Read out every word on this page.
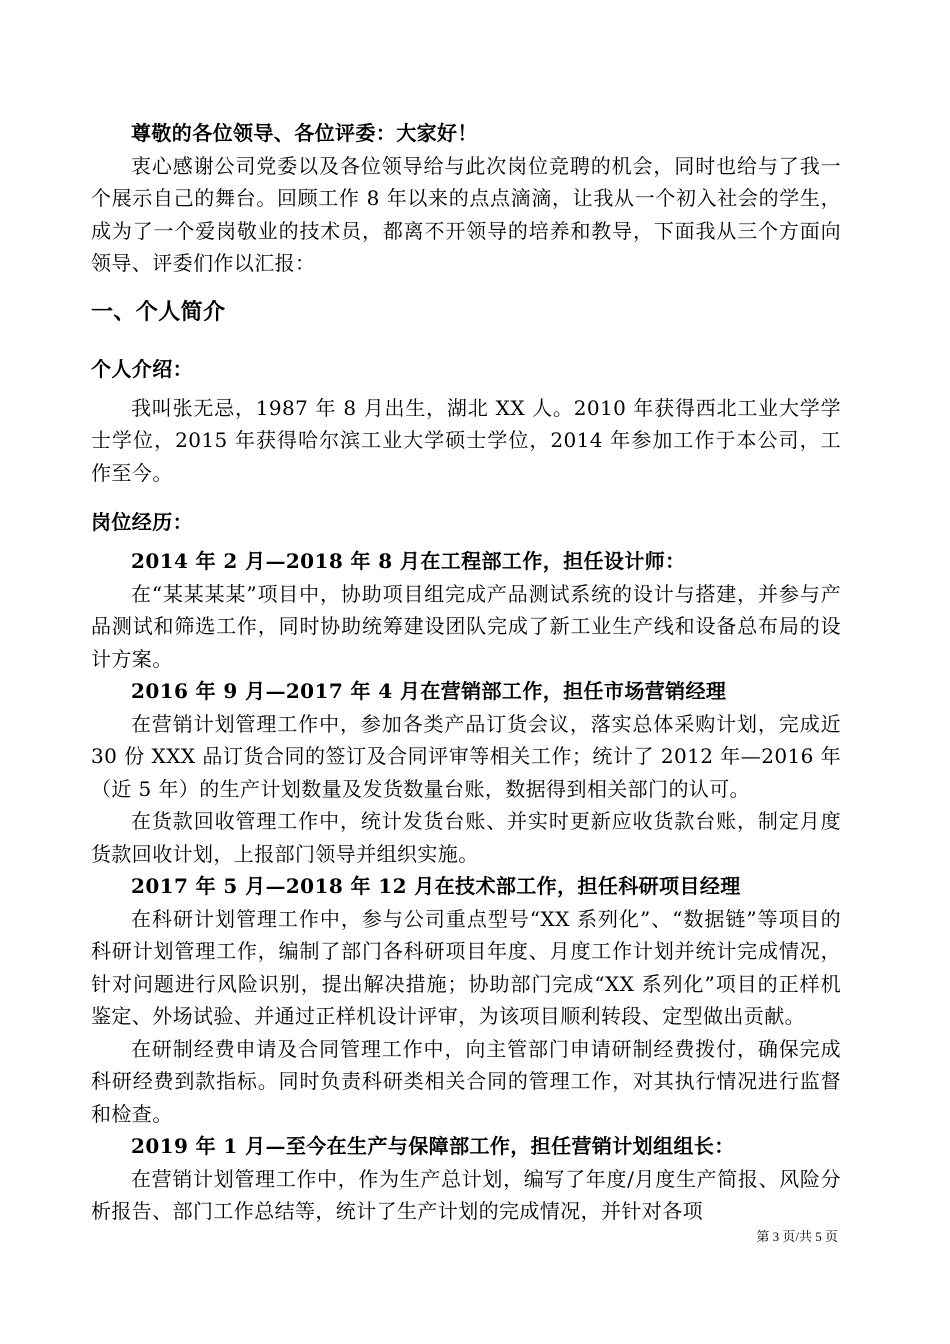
尊敬的各位领导、各位评委：大家好！

衷心感谢公司党委以及各位领导给与此次岗位竞聘的机会，同时也给与了我一个展示自己的舞台。回顾工作 8 年以来的点点滴滴，让我从一个初入社会的学生，成为了一个爱岗敬业的技术员，都离不开领导的培养和教导，下面我从三个方面向领导、评委们作以汇报：

一、个人简介

个人介绍：

我叫张无忌，1987 年 8 月出生，湖北 XX 人。2010 年获得西北工业大学学士学位，2015 年获得哈尔滨工业大学硕士学位，2014 年参加工作于本公司，工作至今。

岗位经历：

2014 年 2 月—2018 年 8 月在工程部工作，担任设计师：

在“某某某某”项目中，协助项目组完成产品测试系统的设计与搭建，并参与产品测试和筛选工作，同时协助统筹建设团队完成了新工业生产线和设备总布局的设计方案。

2016 年 9 月—2017 年 4 月在营销部工作，担任市场营销经理

在营销计划管理工作中，参加各类产品订货会议，落实总体采购计划，完成近 30 份 XXX 品订货合同的签订及合同评审等相关工作；统计了 2012 年—2016 年（近 5 年）的生产计划数量及发货数量台账，数据得到相关部门的认可。

在货款回收管理工作中，统计发货台账、并实时更新应收货款台账，制定月度货款回收计划，上报部门领导并组织实施。

2017 年 5 月—2018 年 12 月在技术部工作，担任科研项目经理

在科研计划管理工作中，参与公司重点型号“XX 系列化”、“数据链”等项目的科研计划管理工作，编制了部门各科研项目年度、月度工作计划并统计完成情况，针对问题进行风险识别，提出解决措施；协助部门完成“XX 系列化”项目的正样机鉴定、外场试验、并通过正样机设计评审，为该项目顺利转段、定型做出贡献。

在研制经费申请及合同管理工作中，向主管部门申请研制经费拨付，确保完成科研经费到款指标。同时负责科研类相关合同的管理工作，对其执行情况进行监督和检查。

2019 年 1 月—至今在生产与保障部工作，担任营销计划组组长：

在营销计划管理工作中，作为生产总计划，编写了年度/月度生产简报、风险分析报告、部门工作总结等，统计了生产计划的完成情况，并针对各项

第 3 页/共 5 页
